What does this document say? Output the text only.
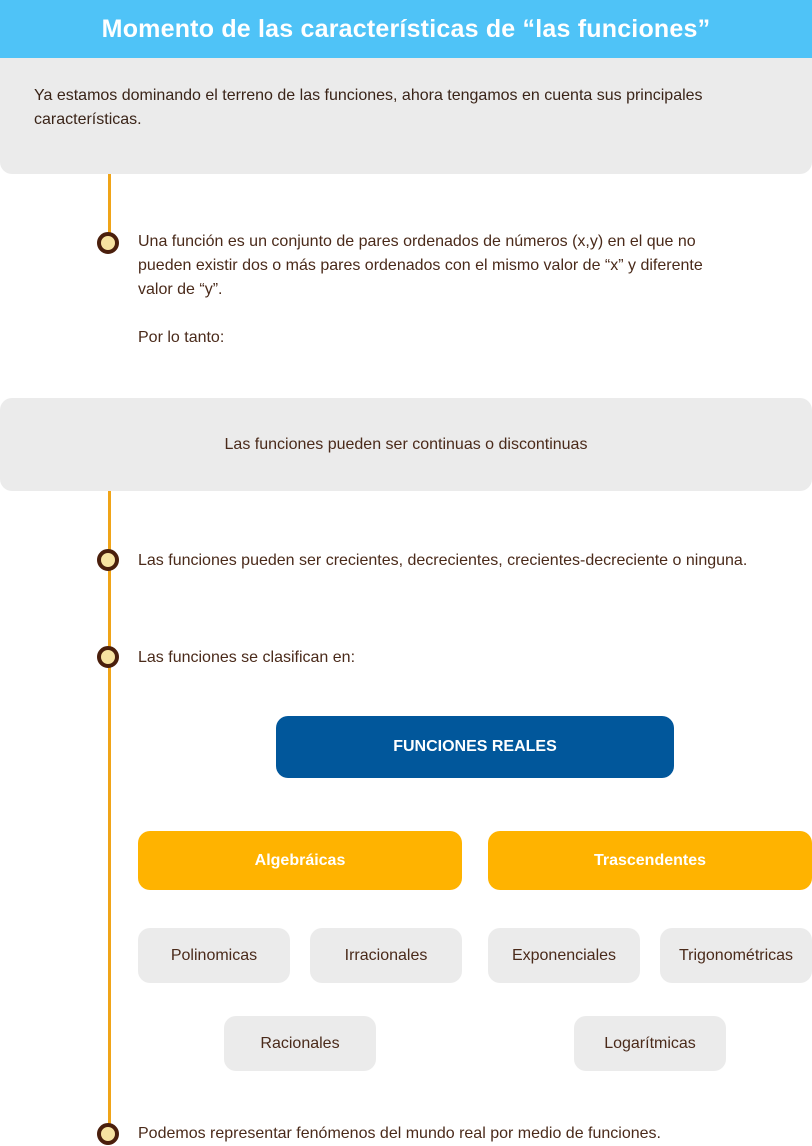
Momento de las características de “las funciones”

Ya estamos dominando el terreno de las funciones, ahora tengamos en cuenta sus principales características.

Una función es un conjunto de pares ordenados de números (x,y) en el que no
pueden existir dos o más pares ordenados con el mismo valor de “x” y diferente
valor de “y”.
Por lo tanto:
Las funciones pueden ser continuas o discontinuas
Las funciones pueden ser crecientes, decrecientes, crecientes-decreciente o ninguna.
Las funciones se clasifican en:
FUNCIONES REALES
Algebráicas	Trascendentes
Polinomicas	Irracionales	Exponenciales	Trigonométricas
Racionales	Logarítmicas
Podemos representar fenómenos del mundo real por medio de funciones.
